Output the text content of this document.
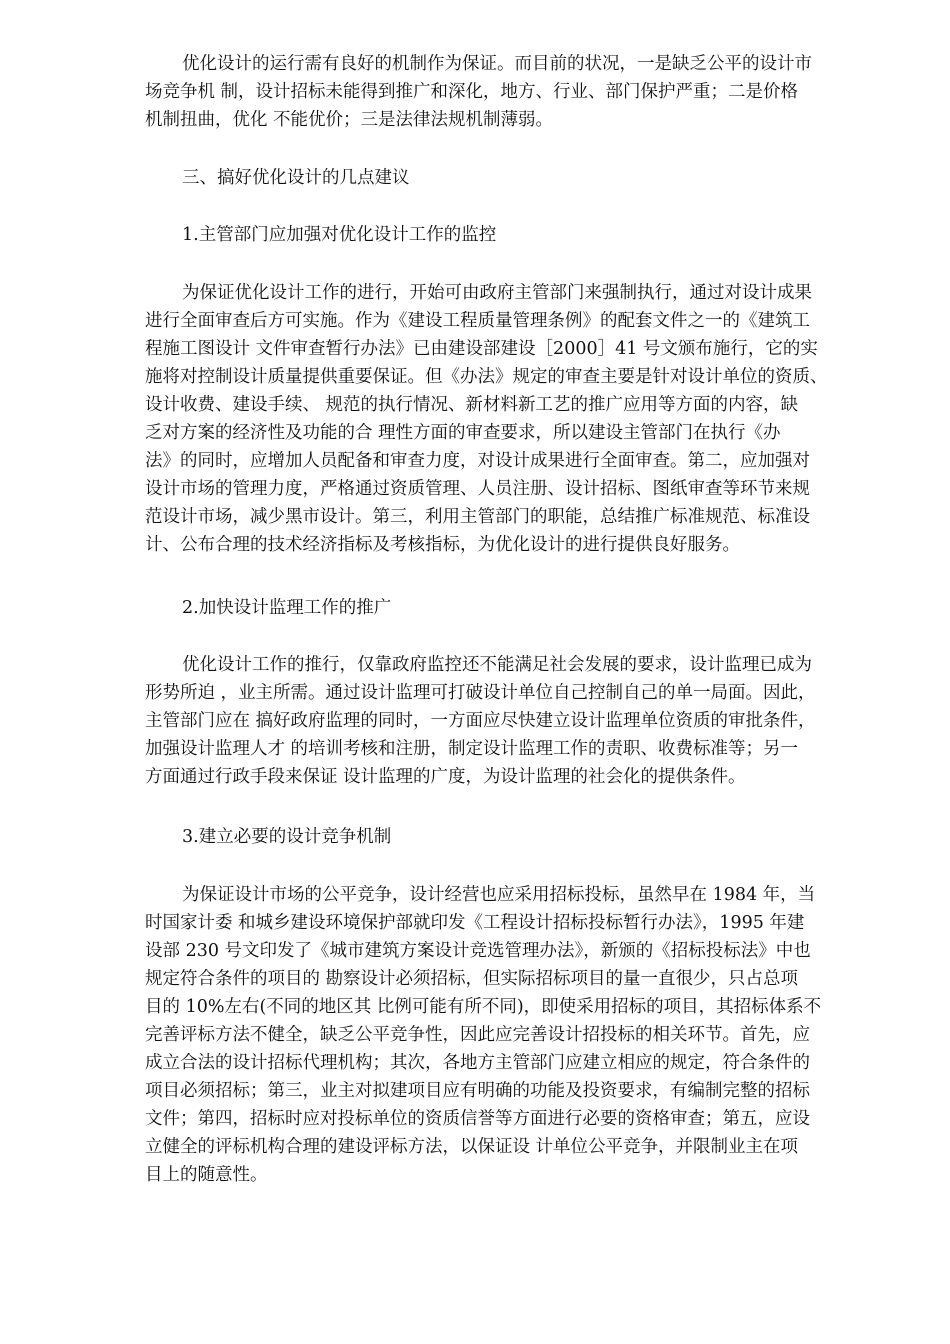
优化设计的运行需有良好的机制作为保证。而目前的状况，一是缺乏公平的设计市
场竞争机 制，设计招标未能得到推广和深化，地方、行业、部门保护严重；二是价格
机制扭曲，优化 不能优价；三是法律法规机制薄弱。
三、搞好优化设计的几点建议
1.主管部门应加强对优化设计工作的监控
为保证优化设计工作的进行，开始可由政府主管部门来强制执行，通过对设计成果
进行全面审查后方可实施。作为《建设工程质量管理条例》的配套文件之一的《建筑工
程施工图设计 文件审查暂行办法》已由建设部建设［2000］41 号文颁布施行，它的实
施将对控制设计质量提供重要保证。但《办法》规定的审查主要是针对设计单位的资质、
设计收费、建设手续、 规范的执行情况、新材料新工艺的推广应用等方面的内容，缺
乏对方案的经济性及功能的合 理性方面的审查要求，所以建设主管部门在执行《办
法》的同时，应增加人员配备和审查力度，对设计成果进行全面审查。第二，应加强对
设计市场的管理力度，严格通过资质管理、人员注册、设计招标、图纸审查等环节来规
范设计市场，减少黑市设计。第三，利用主管部门的职能，总结推广标准规范、标准设
计、公布合理的技术经济指标及考核指标，为优化设计的进行提供良好服务。
2.加快设计监理工作的推广
优化设计工作的推行，仅靠政府监控还不能满足社会发展的要求，设计监理已成为
形势所迫 ，业主所需。通过设计监理可打破设计单位自己控制自己的单一局面。因此，
主管部门应在 搞好政府监理的同时，一方面应尽快建立设计监理单位资质的审批条件，
加强设计监理人才 的培训考核和注册，制定设计监理工作的责职、收费标准等；另一
方面通过行政手段来保证 设计监理的广度，为设计监理的社会化的提供条件。
3.建立必要的设计竞争机制
为保证设计市场的公平竞争，设计经营也应采用招标投标，虽然早在 1984 年，当
时国家计委 和城乡建设环境保护部就印发《工程设计招标投标暂行办法》，1995 年建
设部 230 号文印发了《城市建筑方案设计竞选管理办法》，新颁的《招标投标法》中也
规定符合条件的项目的 勘察设计必须招标，但实际招标项目的量一直很少，只占总项
目的 10%左右(不同的地区其 比例可能有所不同)，即使采用招标的项目，其招标体系不
完善评标方法不健全，缺乏公平竞争性，因此应完善设计招投标的相关环节。首先，应
成立合法的设计招标代理机构；其次，各地方主管部门应建立相应的规定，符合条件的
项目必须招标；第三，业主对拟建项目应有明确的功能及投资要求，有编制完整的招标
文件；第四，招标时应对投标单位的资质信誉等方面进行必要的资格审查；第五，应设
立健全的评标机构合理的建设评标方法，以保证设 计单位公平竞争，并限制业主在项
目上的随意性。
